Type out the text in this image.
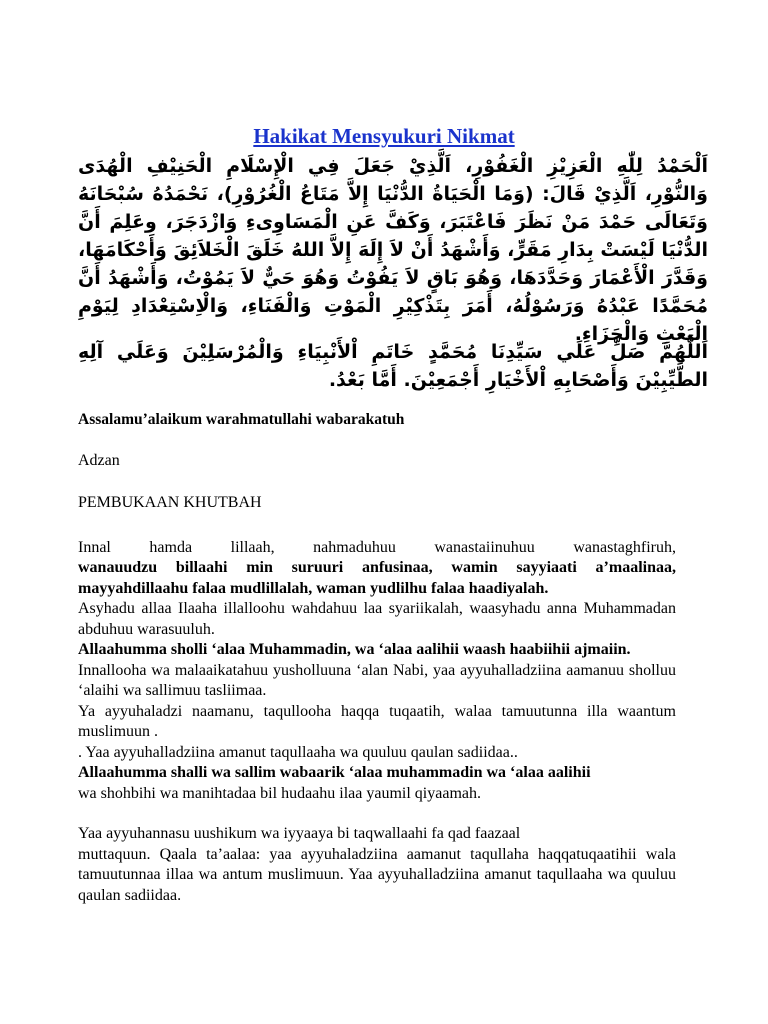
Hakikat Mensyukuri Nikmat
اَلْحَمْدُ لِلّٰهِ الْعَزِيْزِ الْغَفُوْرِ، اَلَّذِيْ جَعَلَ فِي الْإِسْلَامِ الْحَنِيْفِ الْهُدَى وَالنُّوْرِ، اَلَّذِيْ قَالَ: (وَمَا الْحَيَاةُ الدُّنْيَا إِلاَّ مَتَاعُ الْغُرُوْرِ)، نَحْمَدُهُ سُبْحَانَهُ وَتَعَالَى حَمْدَ مَنْ نَظَرَ فَاعْتَبَرَ، وَكَفَّ عَنِ الْمَسَاوِىءِ وَازْدَجَرَ، وعَلِمَ أَنَّ الدُّنْيَا لَيْسَتْ بِدَارِ مَقَرٍّ، وَأَشْهَدُ أَنْ لاَ إِلَهَ إِلاَّ اللهُ خَلَقَ الْخَلاَئِقَ وَأَحْكَامَهَا، وَقَدَّرَ الْأَعْمَارَ وَحَدَّدَهَا، وَهُوَ بَاقٍ لاَ يَفُوْتُ وَهُوَ حَيٌّ لاَ يَمُوْتُ، وَأَشْهَدُ أَنَّ مُحَمَّدًا عَبْدُهُ وَرَسُوْلُهُ، أَمَرَ بِتَذْكِيْرِ الْمَوْتِ وَالْفَنَاءِ، وَالْاِسْتِعْدَادِ لِيَوْمِ الْبَعْثِ وَالْجَزَاءِ.
اَللَّهُمَّ صَلِّ عَلَي سَيِّدِنَا مُحَمَّدٍ خَاتَمِ اْلأَنْبِيَاءِ وَالْمُرْسَلِيْنَ وَعَلَي آلِهِ الطَّيِّبِيْنَ وَأَصْحَابِهِ اْلأَخْيَارِ أَجْمَعِيْنَ. أَمَّا بَعْدُ.

Assalamu’alaikum warahmatullahi wabarakatuh

Adzan

PEMBUKAAN KHUTBAH

Innal hamda lillaah, nahmaduhuu wanastaiinuhuu wanastaghfiruh,

wanauudzu billaahi min suruuri anfusinaa, wamin sayyiaati a’maalinaa, mayyahdillaahu falaa mudlillalah, waman yudlilhu falaa haadiyalah.

Asyhadu allaa Ilaaha illalloohu wahdahuu laa syariikalah, waasyhadu anna Muhammadan abduhuu warasuuluh.

Allaahumma sholli ‘alaa Muhammadin, wa ‘alaa aalihii waash haabiihii ajmaiin.

Innallooha wa malaaikatahuu yusholluuna ‘alan Nabi, yaa ayyuhalladziina aamanuu sholluu ‘alaihi wa sallimuu tasliimaa.

Ya ayyuhaladzi naamanu, taqullooha haqqa tuqaatih, walaa tamuutunna illa waantum muslimuun .

. Yaa ayyuhalladziina amanut taqullaaha wa quuluu qaulan sadiidaa..

Allaahumma shalli wa sallim wabaarik ‘alaa muhammadin wa ‘alaa aalihii

wa shohbihi wa manihtadaa bil hudaahu ilaa yaumil qiyaamah.

Yaa ayyuhannasu uushikum wa iyyaaya bi taqwallaahi fa qad faazaal

muttaquun. Qaala ta’aalaa: yaa ayyuhaladziina aamanut taqullaha haqqatuqaatihii wala tamuutunnaa illaa wa antum muslimuun. Yaa ayyuhalladziina amanut taqullaaha wa quuluu qaulan sadiidaa.
